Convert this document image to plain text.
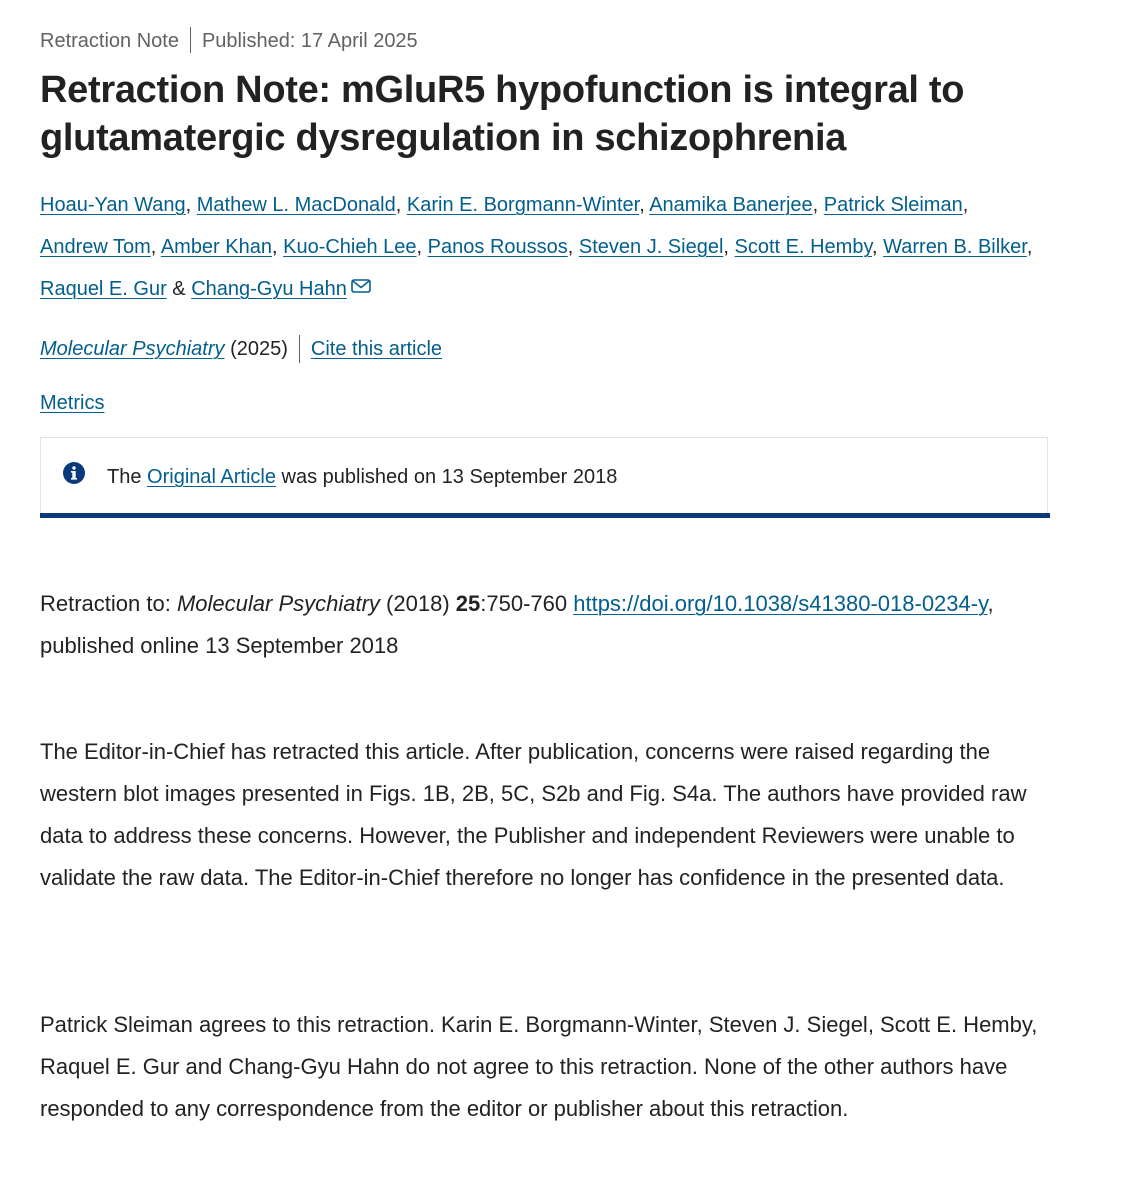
Retraction Note Published: 17 April 2025
Retraction Note: mGluR5 hypofunction is integral to glutamatergic dysregulation in schizophrenia
Hoau-Yan Wang, Mathew L. MacDonald, Karin E. Borgmann-Winter, Anamika Banerjee, Patrick Sleiman,
Andrew Tom, Amber Khan, Kuo-Chieh Lee, Panos Roussos, Steven J. Siegel, Scott E. Hemby, Warren B. Bilker, Raquel E. Gur & Chang-Gyu Hahn
Molecular Psychiatry (2025) Cite this article
Metrics
The Original Article was published on 13 September 2018

Retraction to: Molecular Psychiatry (2018) 25:750-760 https://doi.org/10.1038/s41380-018-0234-y, published online 13 September 2018

The Editor-in-Chief has retracted this article. After publication, concerns were raised regarding the western blot images presented in Figs. 1B, 2B, 5C, S2b and Fig. S4a. The authors have provided raw data to address these concerns. However, the Publisher and independent Reviewers were unable to validate the raw data. The Editor-in-Chief therefore no longer has confidence in the presented data.

Patrick Sleiman agrees to this retraction. Karin E. Borgmann-Winter, Steven J. Siegel, Scott E. Hemby, Raquel E. Gur and Chang-Gyu Hahn do not agree to this retraction. None of the other authors have responded to any correspondence from the editor or publisher about this retraction.
